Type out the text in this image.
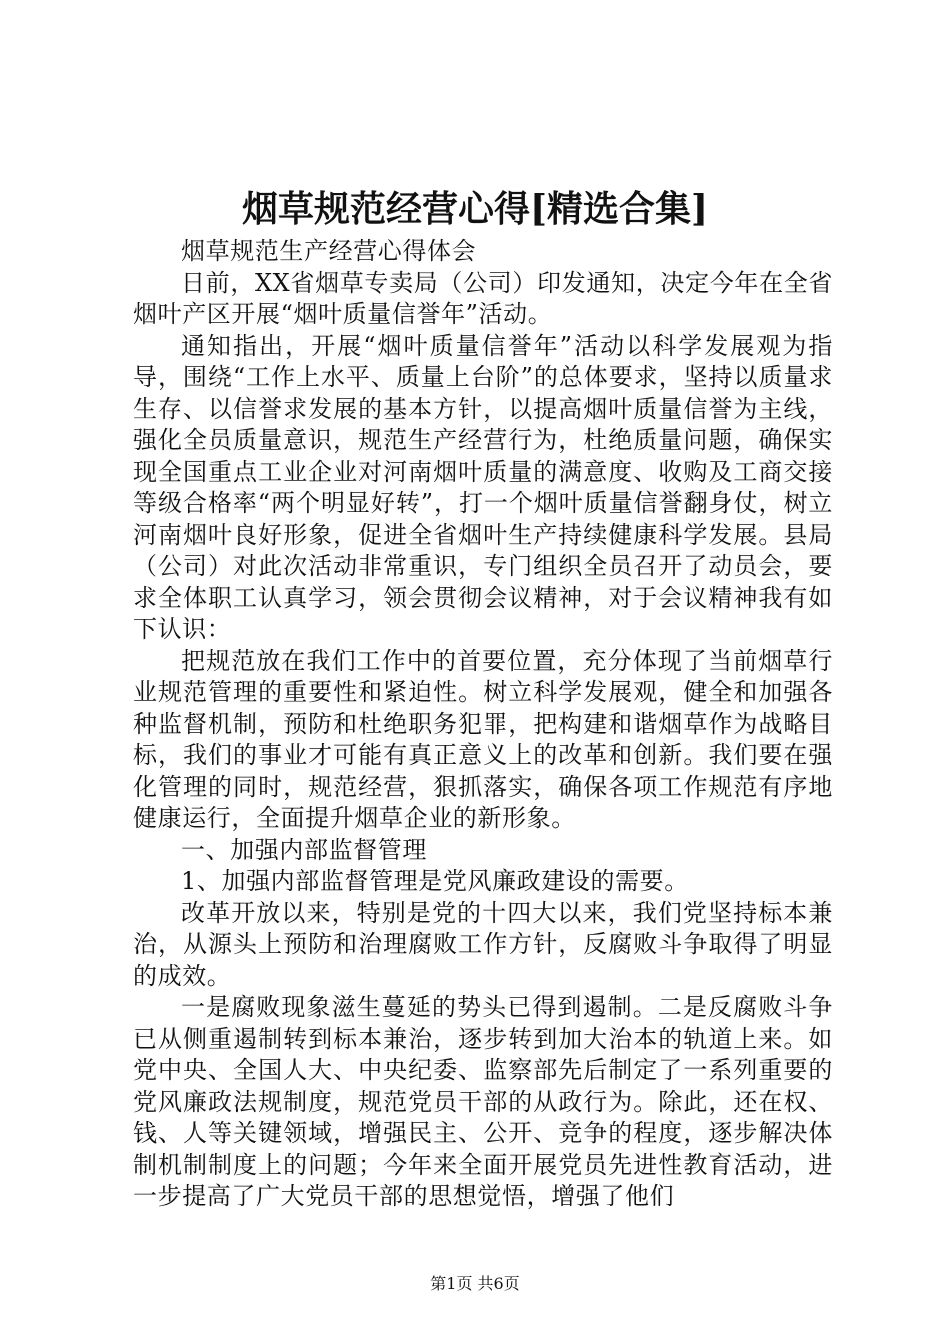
烟草规范经营心得[精选合集]

烟草规范生产经营心得体会

日前，XX省烟草专卖局（公司）印发通知，决定今年在全省烟叶产区开展“烟叶质量信誉年”活动。

通知指出，开展“烟叶质量信誉年”活动以科学发展观为指导，围绕“工作上水平、质量上台阶”的总体要求，坚持以质量求生存、以信誉求发展的基本方针，以提高烟叶质量信誉为主线，强化全员质量意识，规范生产经营行为，杜绝质量问题，确保实现全国重点工业企业对河南烟叶质量的满意度、收购及工商交接等级合格率“两个明显好转”，打一个烟叶质量信誉翻身仗，树立河南烟叶良好形象，促进全省烟叶生产持续健康科学发展。县局（公司）对此次活动非常重识，专门组织全员召开了动员会，要求全体职工认真学习，领会贯彻会议精神，对于会议精神我有如下认识：

把规范放在我们工作中的首要位置，充分体现了当前烟草行业规范管理的重要性和紧迫性。树立科学发展观，健全和加强各种监督机制，预防和杜绝职务犯罪，把构建和谐烟草作为战略目标，我们的事业才可能有真正意义上的改革和创新。我们要在强化管理的同时，规范经营，狠抓落实，确保各项工作规范有序地健康运行，全面提升烟草企业的新形象。

一、加强内部监督管理

1、加强内部监督管理是党风廉政建设的需要。

改革开放以来，特别是党的十四大以来，我们党坚持标本兼治，从源头上预防和治理腐败工作方针，反腐败斗争取得了明显的成效。

一是腐败现象滋生蔓延的势头已得到遏制。二是反腐败斗争已从侧重遏制转到标本兼治，逐步转到加大治本的轨道上来。如党中央、全国人大、中央纪委、监察部先后制定了一系列重要的党风廉政法规制度，规范党员干部的从政行为。除此，还在权、钱、人等关键领域，增强民主、公开、竞争的程度，逐步解决体制机制制度上的问题；今年来全面开展党员先进性教育活动，进一步提高了广大党员干部的思想觉悟，增强了他们

第1页 共6页
